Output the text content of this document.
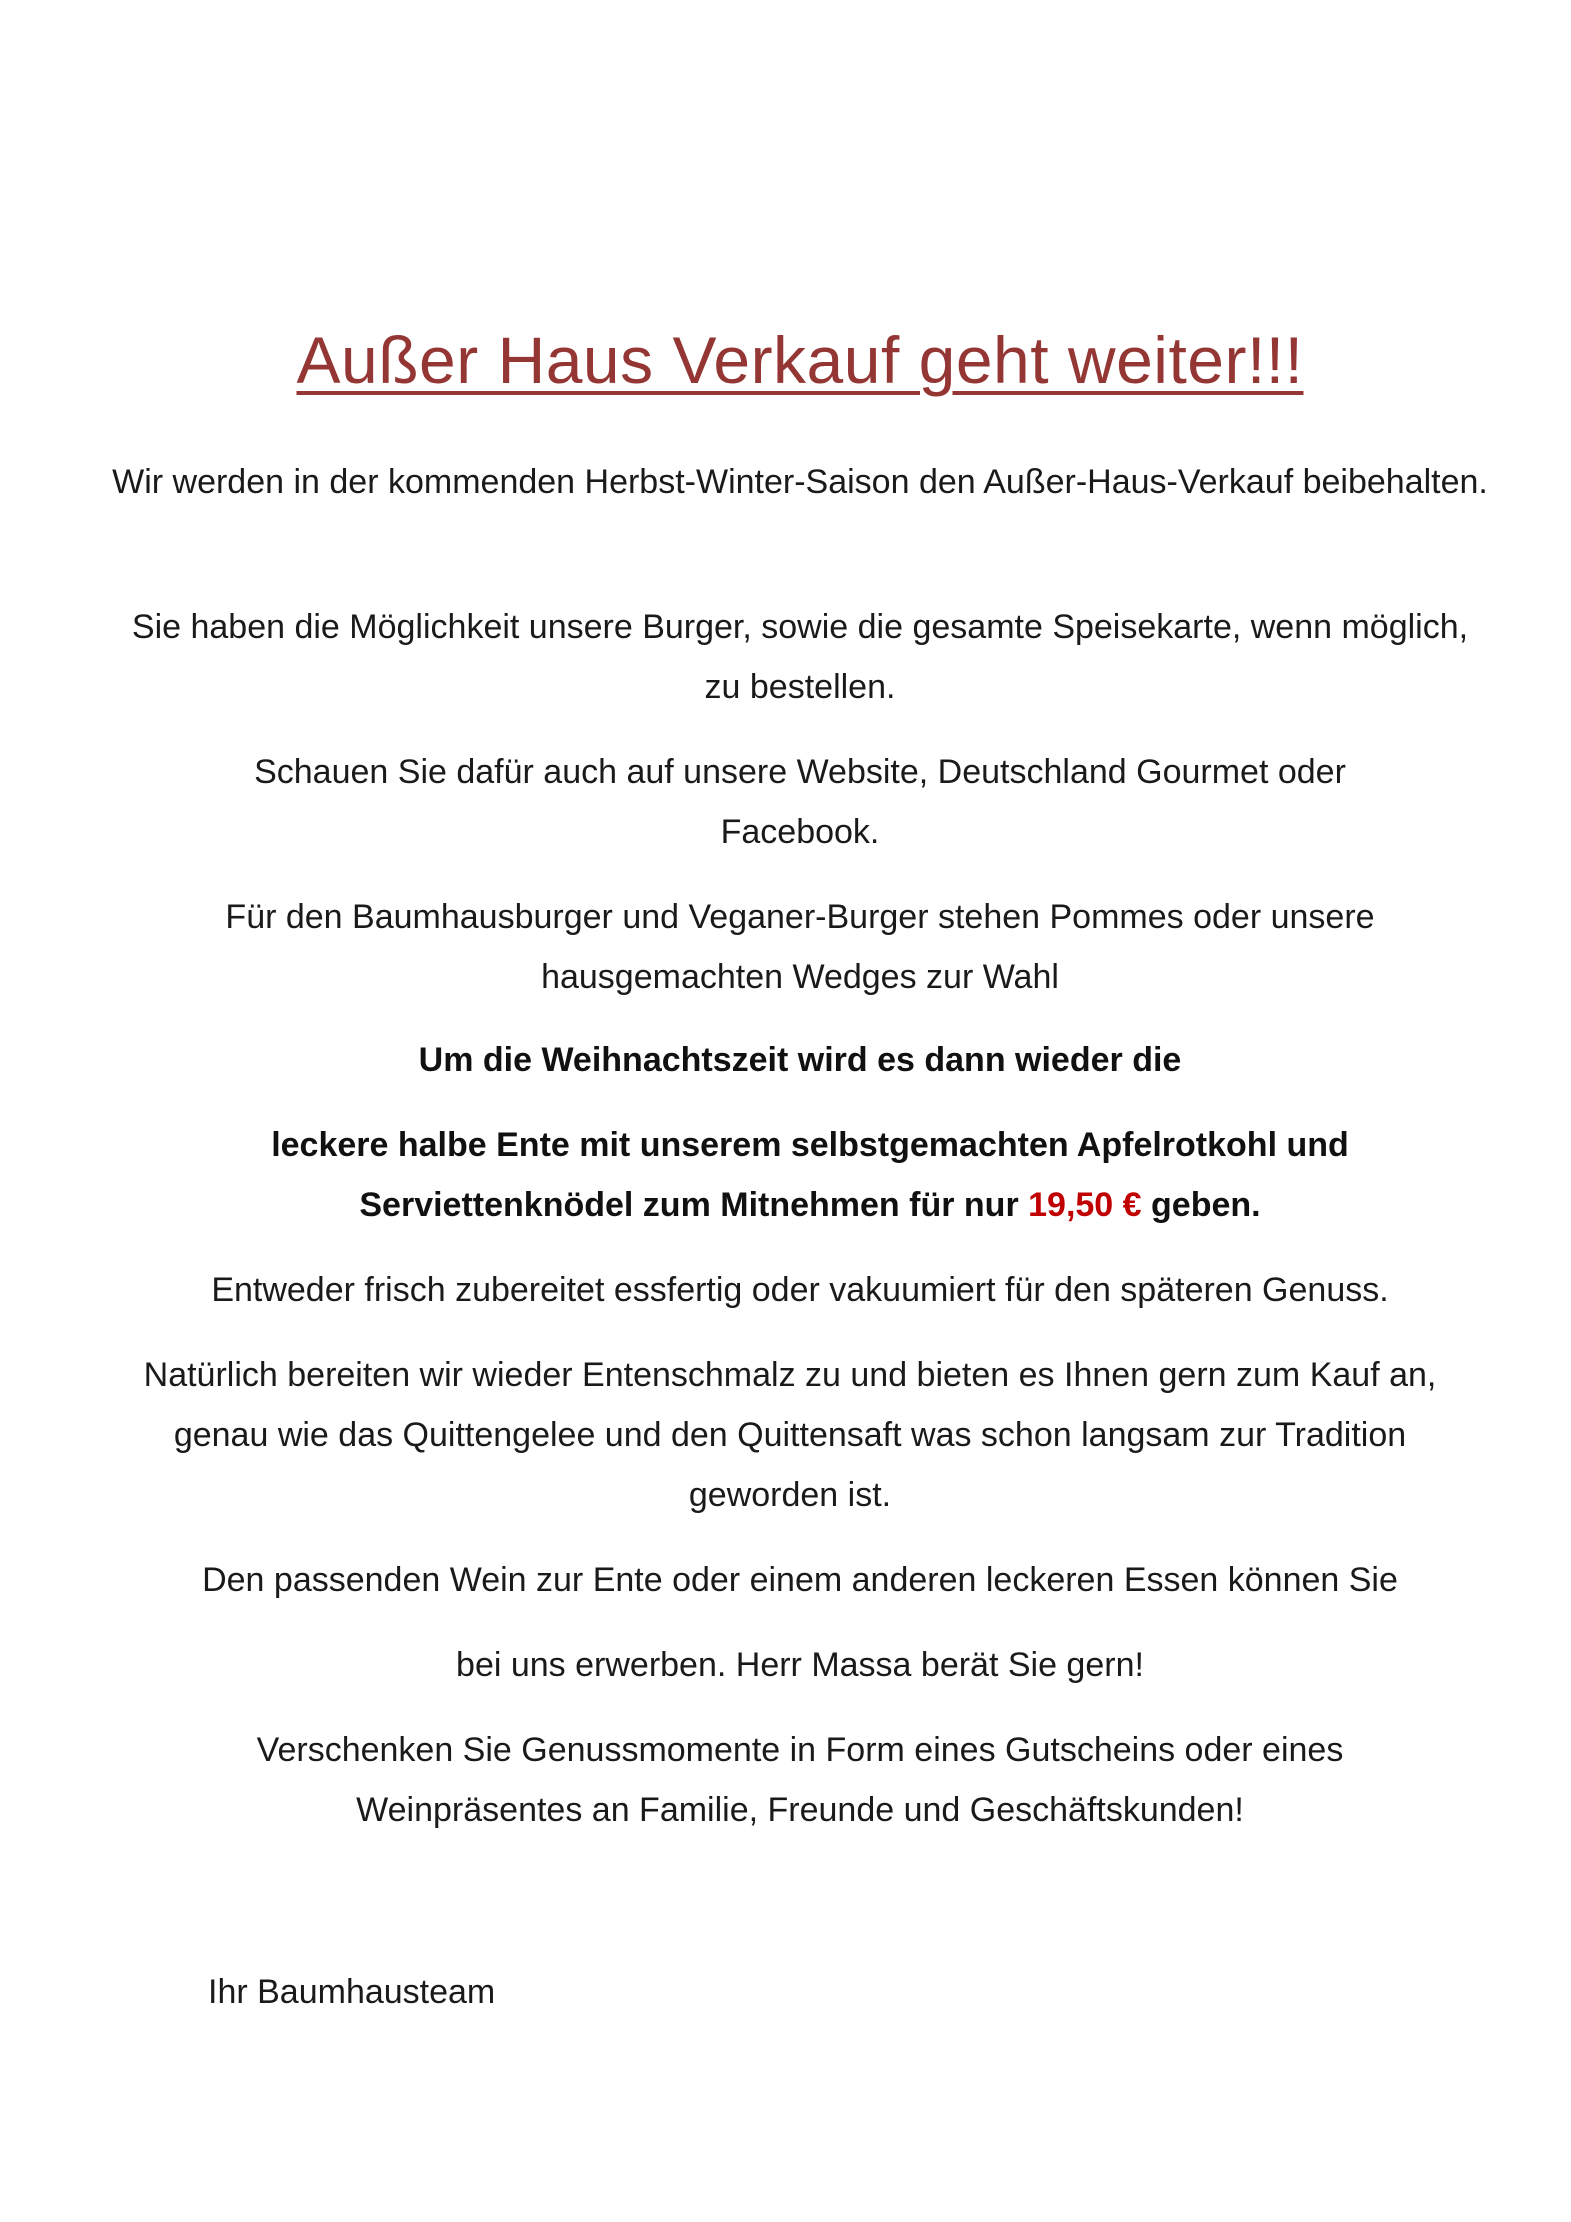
Außer Haus Verkauf geht weiter!!!

Wir werden in der kommenden Herbst-Winter-Saison den Außer-Haus-Verkauf beibehalten.

Sie haben die Möglichkeit unsere Burger, sowie die gesamte Speisekarte, wenn möglich, zu bestellen.

Schauen Sie dafür auch auf unsere Website, Deutschland Gourmet oder Facebook.

Für den Baumhausburger und Veganer-Burger stehen Pommes oder unsere hausgemachten Wedges zur Wahl

Um die Weihnachtszeit wird es dann wieder die

leckere halbe Ente mit unserem selbstgemachten Apfelrotkohl und Serviettenknödel zum Mitnehmen für nur 19,50 € geben.

Entweder frisch zubereitet essfertig oder vakuumiert für den späteren Genuss.

Natürlich bereiten wir wieder Entenschmalz zu und bieten es Ihnen gern zum Kauf an, genau wie das Quittengelee und den Quittensaft was schon langsam zur Tradition geworden ist.

Den passenden Wein zur Ente oder einem anderen leckeren Essen können Sie

bei uns erwerben. Herr Massa berät Sie gern!

Verschenken Sie Genussmomente in Form eines Gutscheins oder eines Weinpräsentes an Familie, Freunde und Geschäftskunden!

Ihr Baumhausteam
